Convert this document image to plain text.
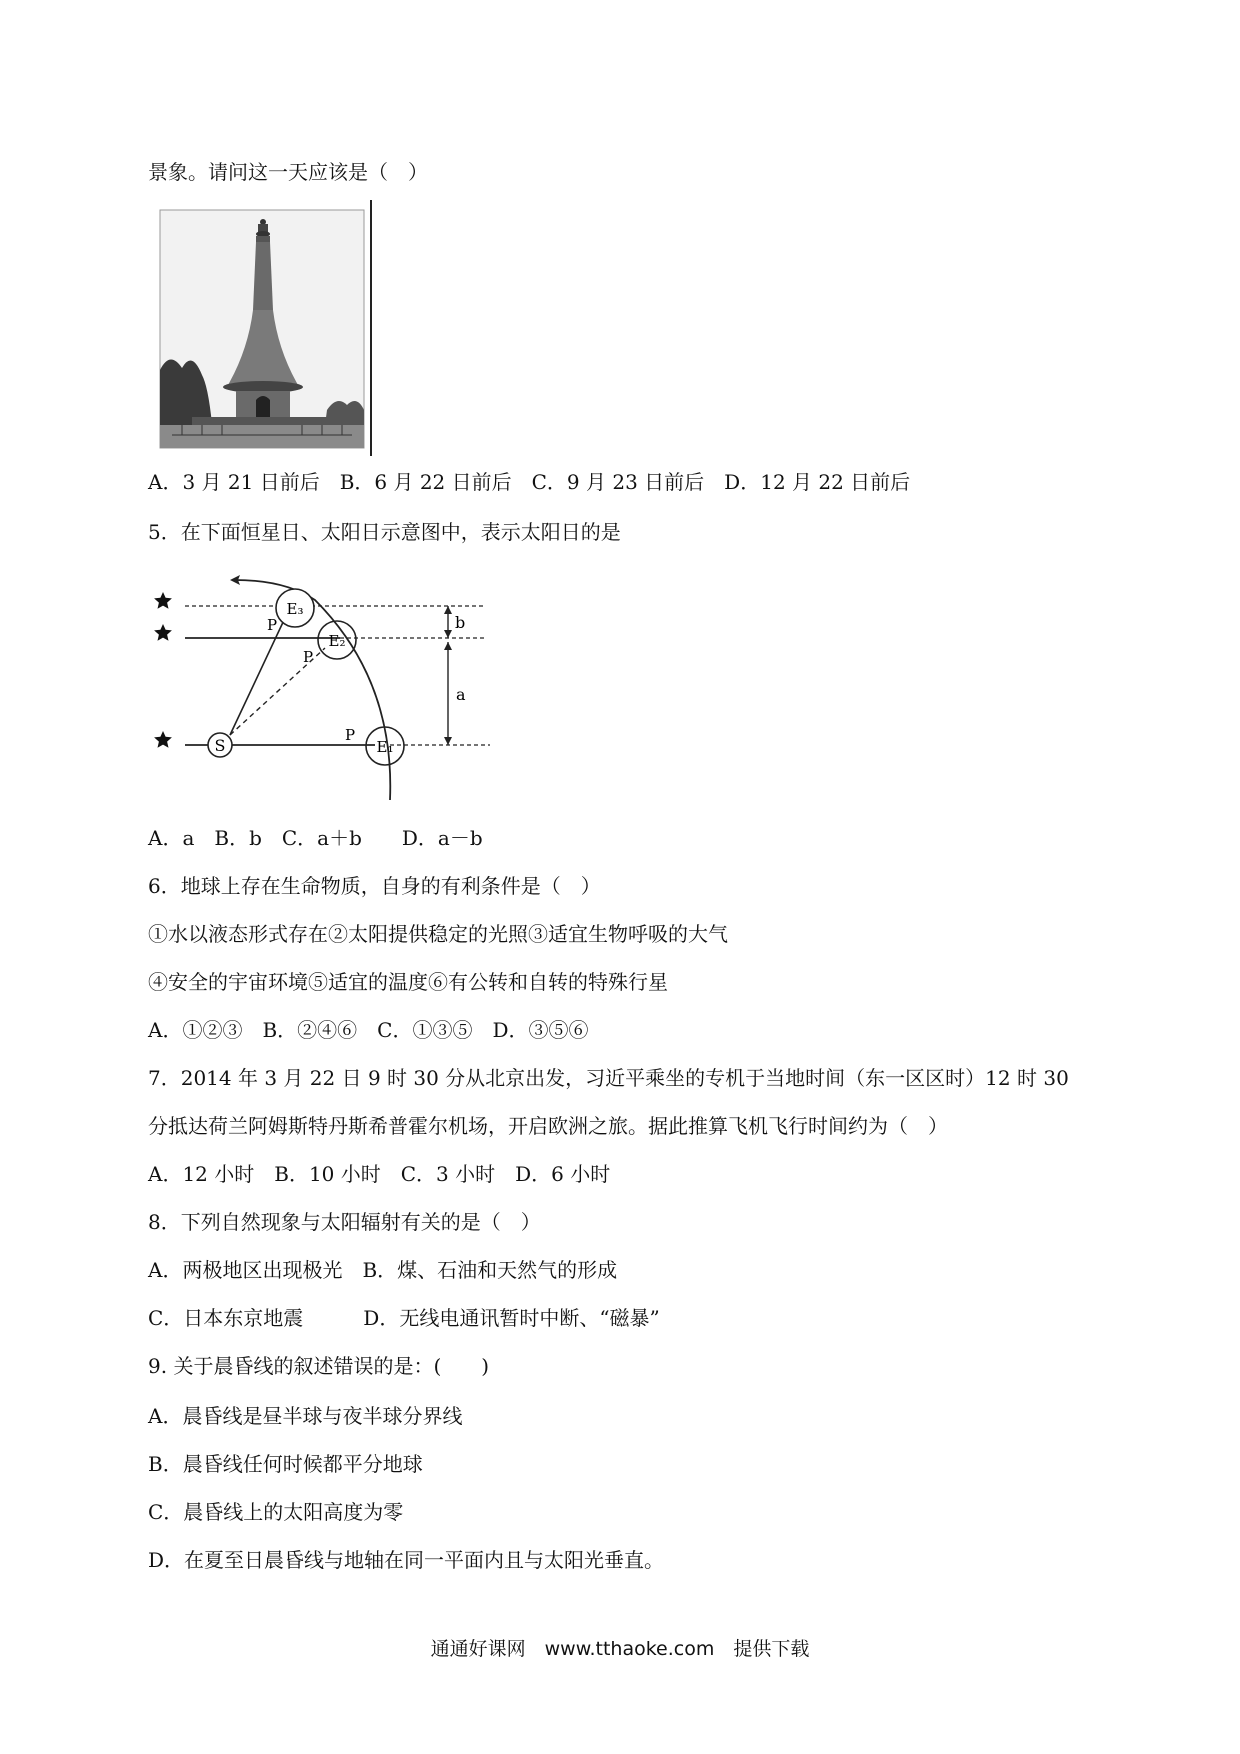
景象。请问这一天应该是（　）
A．3 月 21 日前后　B．6 月 22 日前后　C．9 月 23 日前后　D．12 月 22 日前后
5．在下面恒星日、太阳日示意图中，表示太阳日的是
S
E₃
E₂
E₁
P
P
P
b
a
A．a　B．b　C．a＋b　　D．a－b
6．地球上存在生命物质，自身的有利条件是（　）
①水以液态形式存在②太阳提供稳定的光照③适宜生物呼吸的大气
④安全的宇宙环境⑤适宜的温度⑥有公转和自转的特殊行星
A．①②③　B．②④⑥　C．①③⑤　D．③⑤⑥
7．2014 年 3 月 22 日 9 时 30 分从北京出发，习近平乘坐的专机于当地时间（东一区区时）12 时 30
分抵达荷兰阿姆斯特丹斯希普霍尔机场，开启欧洲之旅。据此推算飞机飞行时间约为（　）
A．12 小时　B．10 小时　C．3 小时　D．6 小时
8．下列自然现象与太阳辐射有关的是（　）
A．两极地区出现极光　B．煤、石油和天然气的形成
C．日本东京地震　　　D．无线电通讯暂时中断、“磁暴”
9. 关于晨昏线的叙述错误的是：(　　)
A．晨昏线是昼半球与夜半球分界线
B．晨昏线任何时候都平分地球
C．晨昏线上的太阳高度为零
D．在夏至日晨昏线与地轴在同一平面内且与太阳光垂直。
通通好课网　www.tthaoke.com　提供下载
